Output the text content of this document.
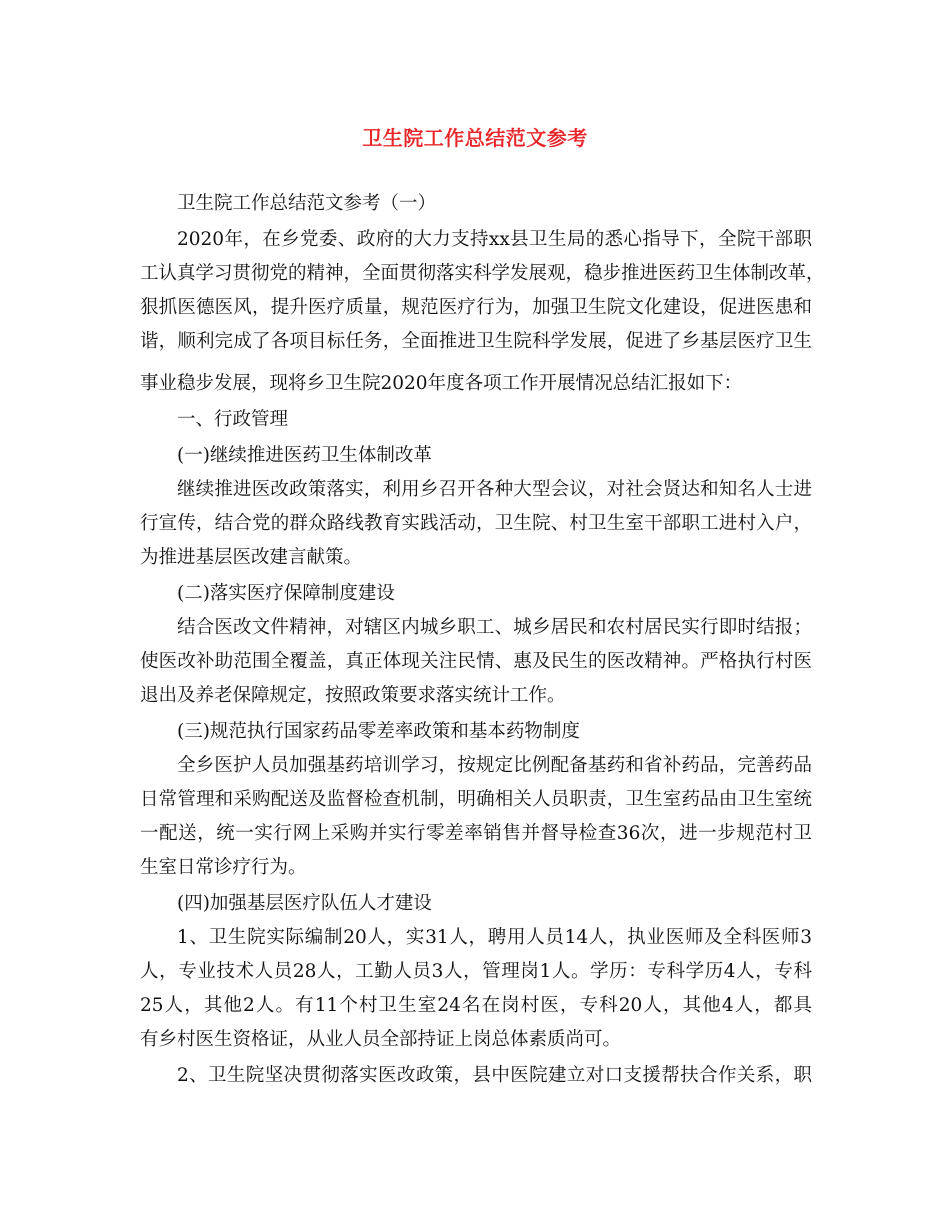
卫生院工作总结范文参考
卫生院工作总结范文参考（一）
2020年，在乡党委、政府的大力支持xx县卫生局的悉心指导下，全院干部职
工认真学习贯彻党的精神，全面贯彻落实科学发展观，稳步推进医药卫生体制改革，
狠抓医德医风，提升医疗质量，规范医疗行为，加强卫生院文化建设，促进医患和
谐，顺利完成了各项目标任务，全面推进卫生院科学发展，促进了乡基层医疗卫生
事业稳步发展，现将乡卫生院2020年度各项工作开展情况总结汇报如下：
一、行政管理
(一)继续推进医药卫生体制改革
继续推进医改政策落实，利用乡召开各种大型会议，对社会贤达和知名人士进
行宣传，结合党的群众路线教育实践活动，卫生院、村卫生室干部职工进村入户，
为推进基层医改建言献策。
(二)落实医疗保障制度建设
结合医改文件精神，对辖区内城乡职工、城乡居民和农村居民实行即时结报；
使医改补助范围全覆盖，真正体现关注民情、惠及民生的医改精神。严格执行村医
退出及养老保障规定，按照政策要求落实统计工作。
(三)规范执行国家药品零差率政策和基本药物制度
全乡医护人员加强基药培训学习，按规定比例配备基药和省补药品，完善药品
日常管理和采购配送及监督检查机制，明确相关人员职责，卫生室药品由卫生室统
一配送，统一实行网上采购并实行零差率销售并督导检查36次，进一步规范村卫
生室日常诊疗行为。
(四)加强基层医疗队伍人才建设
1、卫生院实际编制20人，实31人，聘用人员14人，执业医师及全科医师3
人，专业技术人员28人，工勤人员3人，管理岗1人。学历：专科学历4人，专科
25人，其他2人。有11个村卫生室24名在岗村医，专科20人，其他4人，都具
有乡村医生资格证，从业人员全部持证上岗总体素质尚可。
2、卫生院坚决贯彻落实医改政策，县中医院建立对口支援帮扶合作关系，职
